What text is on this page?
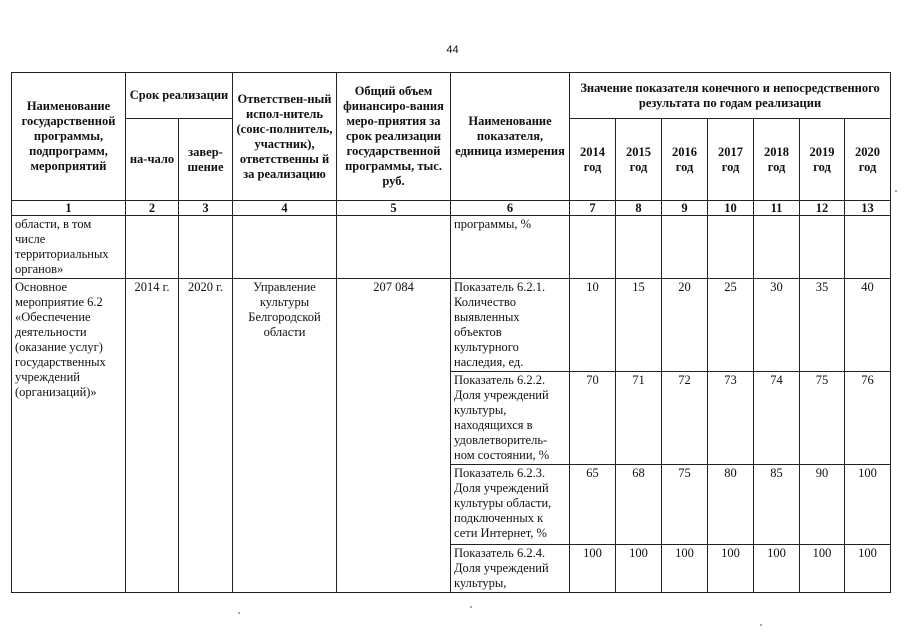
44
Наименование государственной программы, подпрограмм, мероприятий	Срок реализации		Ответствен-ный испол-нитель (соис-полнитель, участник), ответственны й за реализацию	Общий объем финансиро-вания меро-приятия за срок реализации государственной программы, тыс. руб.	Наименование показателя, единица измерения	Значение показателя конечного и непосредственного результата по годам реализации						
	на-чало	завер-шение				2014 год	2015 год	2016 год	2017 год	2018 год	2019 год	2020 год
1	2	3	4	5	6	7	8	9	10	11	12	13
области, в том числе территориальных органов»					программы, %							
Основное мероприятие 6.2 «Обеспечение деятельности (оказание услуг) государственных учреждений (организаций)»	2014 г.	2020 г.	Управление культуры Белгородской области	207 084	Показатель 6.2.1. Количество выявленных объектов культурного наследия, ед.	10	15	20	25	30	35	40
					Показатель 6.2.2. Доля учреждений культуры, находящихся в удовлетворитель-ном состоянии, %	70	71	72	73	74	75	76
					Показатель 6.2.3. Доля учреждений культуры области, подключенных к сети Интернет, %	65	68	75	80	85	90	100
					Показатель 6.2.4. Доля учреждений культуры,	100	100	100	100	100	100	100
